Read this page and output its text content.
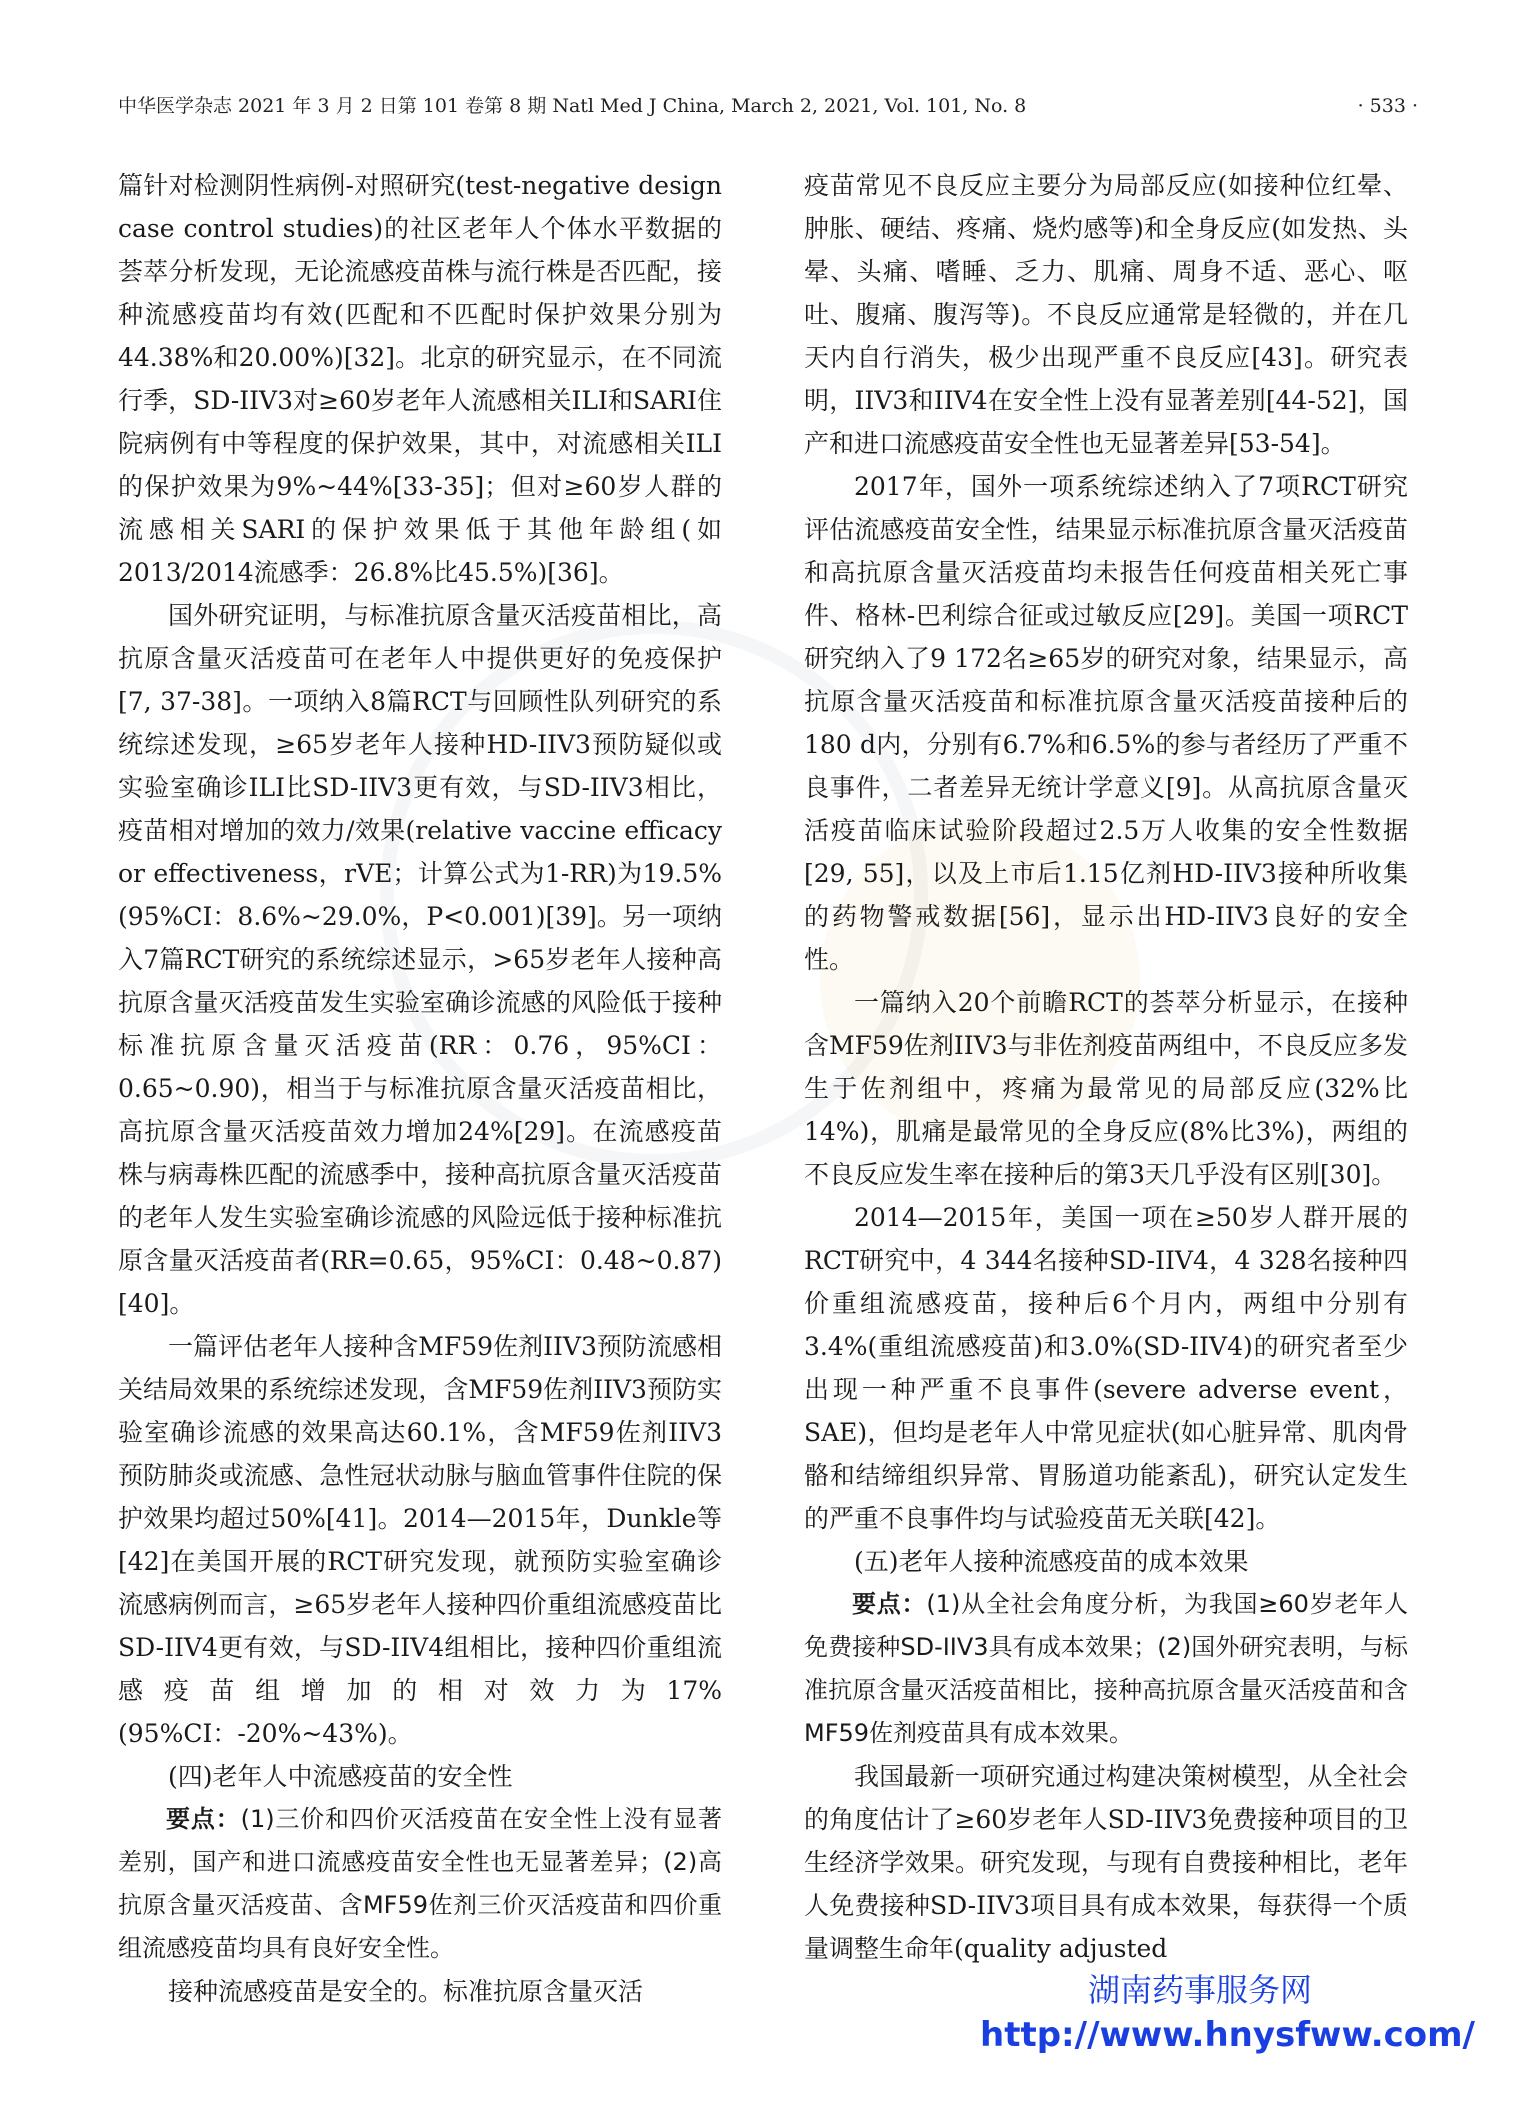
中华医学杂志 2021 年 3 月 2 日第 101 卷第 8 期 Natl Med J China, March 2, 2021, Vol. 101, No. 8	· 533 ·

篇针对检测阴性病例-对照研究(test-negative design case control studies)的社区老年人个体水平数据的荟萃分析发现，无论流感疫苗株与流行株是否匹配，接种流感疫苗均有效(匹配和不匹配时保护效果分别为44.38%和20.00%)[32]。北京的研究显示，在不同流行季，SD-IIV3对≥60岁老年人流感相关ILI和SARI住院病例有中等程度的保护效果，其中，对流感相关ILI的保护效果为9%~44%[33-35]；但对≥60岁人群的流感相关SARI的保护效果低于其他年龄组(如2013/2014流感季：26.8%比45.5%)[36]。

国外研究证明，与标准抗原含量灭活疫苗相比，高抗原含量灭活疫苗可在老年人中提供更好的免疫保护[7, 37-38]。一项纳入8篇RCT与回顾性队列研究的系统综述发现，≥65岁老年人接种HD-IIV3预防疑似或实验室确诊ILI比SD-IIV3更有效，与SD-IIV3相比，疫苗相对增加的效力/效果(relative vaccine efficacy or effectiveness，rVE；计算公式为1-RR)为19.5%(95%CI：8.6%~29.0%，P<0.001)[39]。另一项纳入7篇RCT研究的系统综述显示，>65岁老年人接种高抗原含量灭活疫苗发生实验室确诊流感的风险低于接种标准抗原含量灭活疫苗(RR：0.76，95%CI：0.65~0.90)，相当于与标准抗原含量灭活疫苗相比，高抗原含量灭活疫苗效力增加24%[29]。在流感疫苗株与病毒株匹配的流感季中，接种高抗原含量灭活疫苗的老年人发生实验室确诊流感的风险远低于接种标准抗原含量灭活疫苗者(RR=0.65，95%CI：0.48~0.87)[40]。

一篇评估老年人接种含MF59佐剂IIV3预防流感相关结局效果的系统综述发现，含MF59佐剂IIV3预防实验室确诊流感的效果高达60.1%，含MF59佐剂IIV3预防肺炎或流感、急性冠状动脉与脑血管事件住院的保护效果均超过50%[41]。2014—2015年，Dunkle等[42]在美国开展的RCT研究发现，就预防实验室确诊流感病例而言，≥65岁老年人接种四价重组流感疫苗比SD-IIV4更有效，与SD-IIV4组相比，接种四价重组流感疫苗组增加的相对效力为17%(95%CI：-20%~43%)。

(四)老年人中流感疫苗的安全性

要点：(1)三价和四价灭活疫苗在安全性上没有显著差别，国产和进口流感疫苗安全性也无显著差异；(2)高抗原含量灭活疫苗、含MF59佐剂三价灭活疫苗和四价重组流感疫苗均具有良好安全性。

接种流感疫苗是安全的。标准抗原含量灭活

疫苗常见不良反应主要分为局部反应(如接种位红晕、肿胀、硬结、疼痛、烧灼感等)和全身反应(如发热、头晕、头痛、嗜睡、乏力、肌痛、周身不适、恶心、呕吐、腹痛、腹泻等)。不良反应通常是轻微的，并在几天内自行消失，极少出现严重不良反应[43]。研究表明，IIV3和IIV4在安全性上没有显著差别[44-52]，国产和进口流感疫苗安全性也无显著差异[53-54]。

2017年，国外一项系统综述纳入了7项RCT研究评估流感疫苗安全性，结果显示标准抗原含量灭活疫苗和高抗原含量灭活疫苗均未报告任何疫苗相关死亡事件、格林-巴利综合征或过敏反应[29]。美国一项RCT研究纳入了9 172名≥65岁的研究对象，结果显示，高抗原含量灭活疫苗和标准抗原含量灭活疫苗接种后的180 d内，分别有6.7%和6.5%的参与者经历了严重不良事件，二者差异无统计学意义[9]。从高抗原含量灭活疫苗临床试验阶段超过2.5万人收集的安全性数据[29, 55]，以及上市后1.15亿剂HD-IIV3接种所收集的药物警戒数据[56]，显示出HD-IIV3良好的安全性。

一篇纳入20个前瞻RCT的荟萃分析显示，在接种含MF59佐剂IIV3与非佐剂疫苗两组中，不良反应多发生于佐剂组中，疼痛为最常见的局部反应(32%比14%)，肌痛是最常见的全身反应(8%比3%)，两组的不良反应发生率在接种后的第3天几乎没有区别[30]。

2014—2015年，美国一项在≥50岁人群开展的RCT研究中，4 344名接种SD-IIV4，4 328名接种四价重组流感疫苗，接种后6个月内，两组中分别有3.4%(重组流感疫苗)和3.0%(SD-IIV4)的研究者至少出现一种严重不良事件(severe adverse event，SAE)，但均是老年人中常见症状(如心脏异常、肌肉骨骼和结缔组织异常、胃肠道功能紊乱)，研究认定发生的严重不良事件均与试验疫苗无关联[42]。

(五)老年人接种流感疫苗的成本效果

要点：(1)从全社会角度分析，为我国≥60岁老年人免费接种SD-IIV3具有成本效果；(2)国外研究表明，与标准抗原含量灭活疫苗相比，接种高抗原含量灭活疫苗和含MF59佐剂疫苗具有成本效果。

我国最新一项研究通过构建决策树模型，从全社会的角度估计了≥60岁老年人SD-IIV3免费接种项目的卫生经济学效果。研究发现，与现有自费接种相比，老年人免费接种SD-IIV3项目具有成本效果，每获得一个质量调整生命年(quality adjusted

湖南药事服务网
http://www.hnysfww.com/
